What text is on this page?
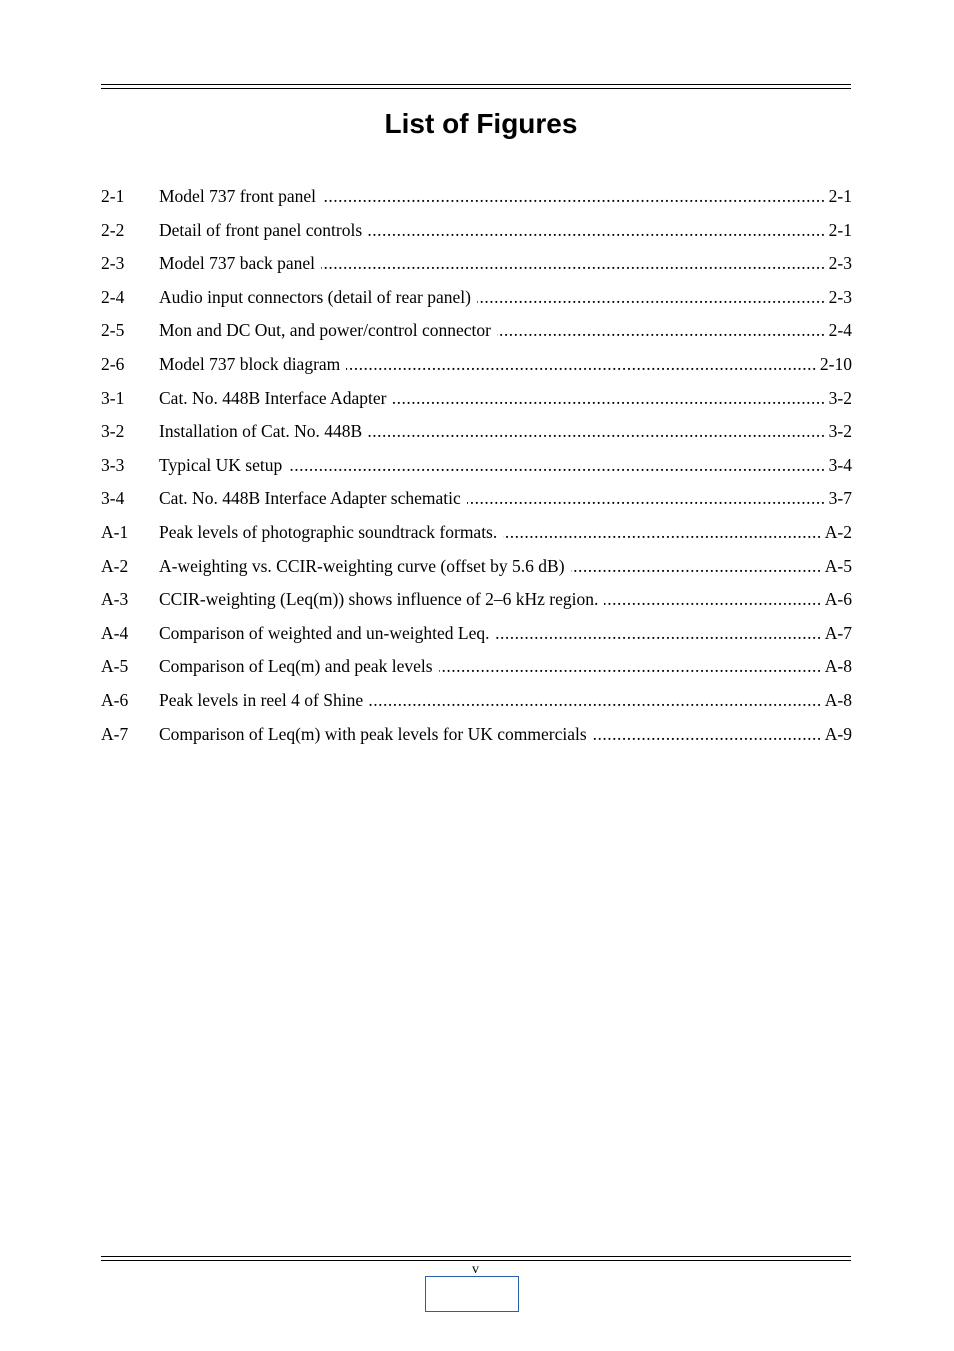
List of Figures
2-1	Model 737 front panel .....	2-1
2-2	Detail of front panel controls .....	2-1
2-3	Model 737 back panel .....	2-3
2-4	Audio input connectors (detail of rear panel) .....	2-3
2-5	Mon and DC Out, and power/control connector .....	2-4
2-6	Model 737 block diagram .....	2-10
3-1	Cat. No. 448B Interface Adapter .....	3-2
3-2	Installation of Cat. No. 448B .....	3-2
3-3	Typical UK setup .....	3-4
3-4	Cat. No. 448B Interface Adapter schematic .....	3-7
A-1	Peak levels of photographic soundtrack formats. .....	A-2
A-2	A-weighting vs. CCIR-weighting curve (offset by 5.6 dB) .....	A-5
A-3	CCIR-weighting (Leq(m)) shows influence of 2–6 kHz region. .....	A-6
A-4	Comparison of weighted and un-weighted Leq. .....	A-7
A-5	Comparison of Leq(m) and peak levels .....	A-8
A-6	Peak levels in reel 4 of Shine .....	A-8
A-7	Comparison of Leq(m) with peak levels for UK commercials .....	A-9
v
